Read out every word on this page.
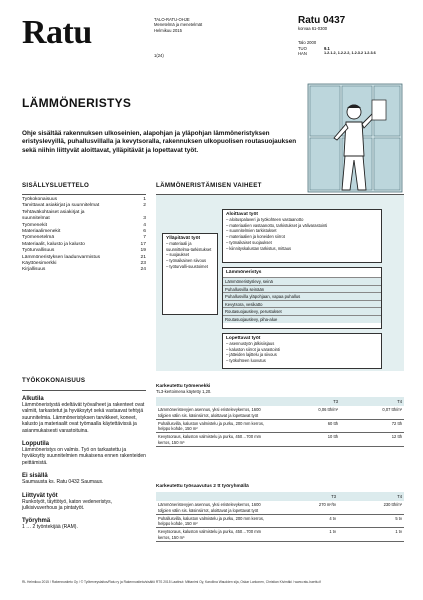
Ratu	TALO-RATU-OHJE
Menetelmä ja menetelmät
Helmikuu 2015
1(24)
Ratu 0437
korvaa 61-0300
Talo 2000
TUO	9.1
HAN	1.2.1.2, 1.2.2.2, 1.2.3.2 1.2.3.6
LÄMMÖNERISTYS
Ohje sisältää rakennuksen ulkoseinien, alapohjan ja yläpohjan lämmöneristyksen eristyslevyillä, puhallusvillalla ja kevytsoralla, rakennuksen ulkopuolisen routasuojauksen sekä niihin liittyvät aloittavat, ylläpitävät ja lopettavat työt.
SISÄLLYSLUETTELO
Työkokonaisuus	1
Tarvittavat asiakirjat ja suunnitelmat	2
Tehtäväkohtaiset asiakirjat ja
suunnitelmat	3
Työmenekit	4
Materiaalimenekit	6
Työmenetelmä	7
Materiaalit, kalusto ja kalusto	17
Työturvallisuus	19
Lämmöneristyksen laadunvarmistus	21
Käyttöesimerkki	23
Kirjallisuus	24
LÄMMÖNERISTÄMISEN VAIHEET
Aloittavat työt
– aloituspalaveri ja työkohteen vastaanotto
– materiaalien vastaanotto, tarkistukset ja välivarastointi
– suunnitelmien tarkistukset
– materiaalien ja koneiden siirrot
– työnaikaiset suojaukset
– kiinnityskalustan tarkistus, mittaus
Ylläpitävät työt
– materiaali ja suunnittelma-tarkistukset
– suojaukset
– työnaikainen siivous
– työturvalli-suustoimet
Lämmöneristys
Lämmöneristyslevy, seinä
Puhallusvilla seinään
Puhallusvilla yläpohjaan, vapaa puhallus
Kevytsora, vesikatto
Routasuojauslevy, perustukset
Routasuojauslevy, piha-alue
Lopettavat työt
– asennustyön jälkisiisjaus
– kaluston siirrot ja varastointi
– jätteiden lajittelu ja siivous
– työkohteen luovutus
TYÖKOKONAISUUS
Alkutila
Lämmöneristystä edeltävät työvaiheet ja rakenteet ovat valmiit, tarkastetut ja hyväksytyt sekä vastaavat tehtyjä suunnitelmia. Lämmöneristyksen tarvikkeet, koneet, kalusto ja materiaalit ovat työmaalla käytettävissä ja asianmukaisesti varastoituina.
Lopputila
Lämmöneristys on valmis. Työ on tarkastettu ja hyväksytty suunnitelmien mukaisena ennen rakenteiden peittämistä.
Ei sisällä
Saumausta ks. Ratu 0432 Saumaus.
Liittyvät työt
Runkotyöt, täyttötyö, katon vedeneristys, julkisivuverhous ja pintatyöt.
Työryhmä
1 … 2 työntekijää (RAM).
Karkeutettu työmenekki
TL3-kertoimena käytetty 1,20.
	T3	T4
Lämmöneristevyjen asennus, yksi eristelevykerros, 1600 toljpien välin sis. käsinsiirrot, aloittavat ja lopettavat työt	0,06 tth/m²	0,07 tth/m²
Puhallusvilla, kaluston valmistelu ja purku, 200 mm kerros, helppo kohde, 150 m²	60 tth	72 tth
Kevytsoraus, kaluston valmistelu ja purku, 450…700 mm kerros, 150 m³	10 tth	12 tth
Karkeutettu työsaavutus 2 tt työryhmällä
	T3	T4
Lämmöneristevyjen asennus, yksi eristelevykerros, 1600 toljpien välin sis. käsinsiirrot, aloittavat ja lopettavat työt	270 m²/tv	230 tth/m²
Puhallusvilla, kaluston valmistelu ja purku, 200 mm kerros, helppo kohde, 150 m²	4 tv	5 tv
Kevytsoraus, kaluston valmistelu ja purku, 450…700 mm kerros, 150 m³	1 tv	1 tv
RL Helmikuu 2015 / Rakennustieto Oy / © Työterveyslaitos/Ratu ry ja Rakennustieto/sisältö RTS 2015 Laatinut: Mittanimi Oy, Karoliina Waudden sija, Oskar Larkonen, Christian Kivimäki / www.ratu-haettu.fi
